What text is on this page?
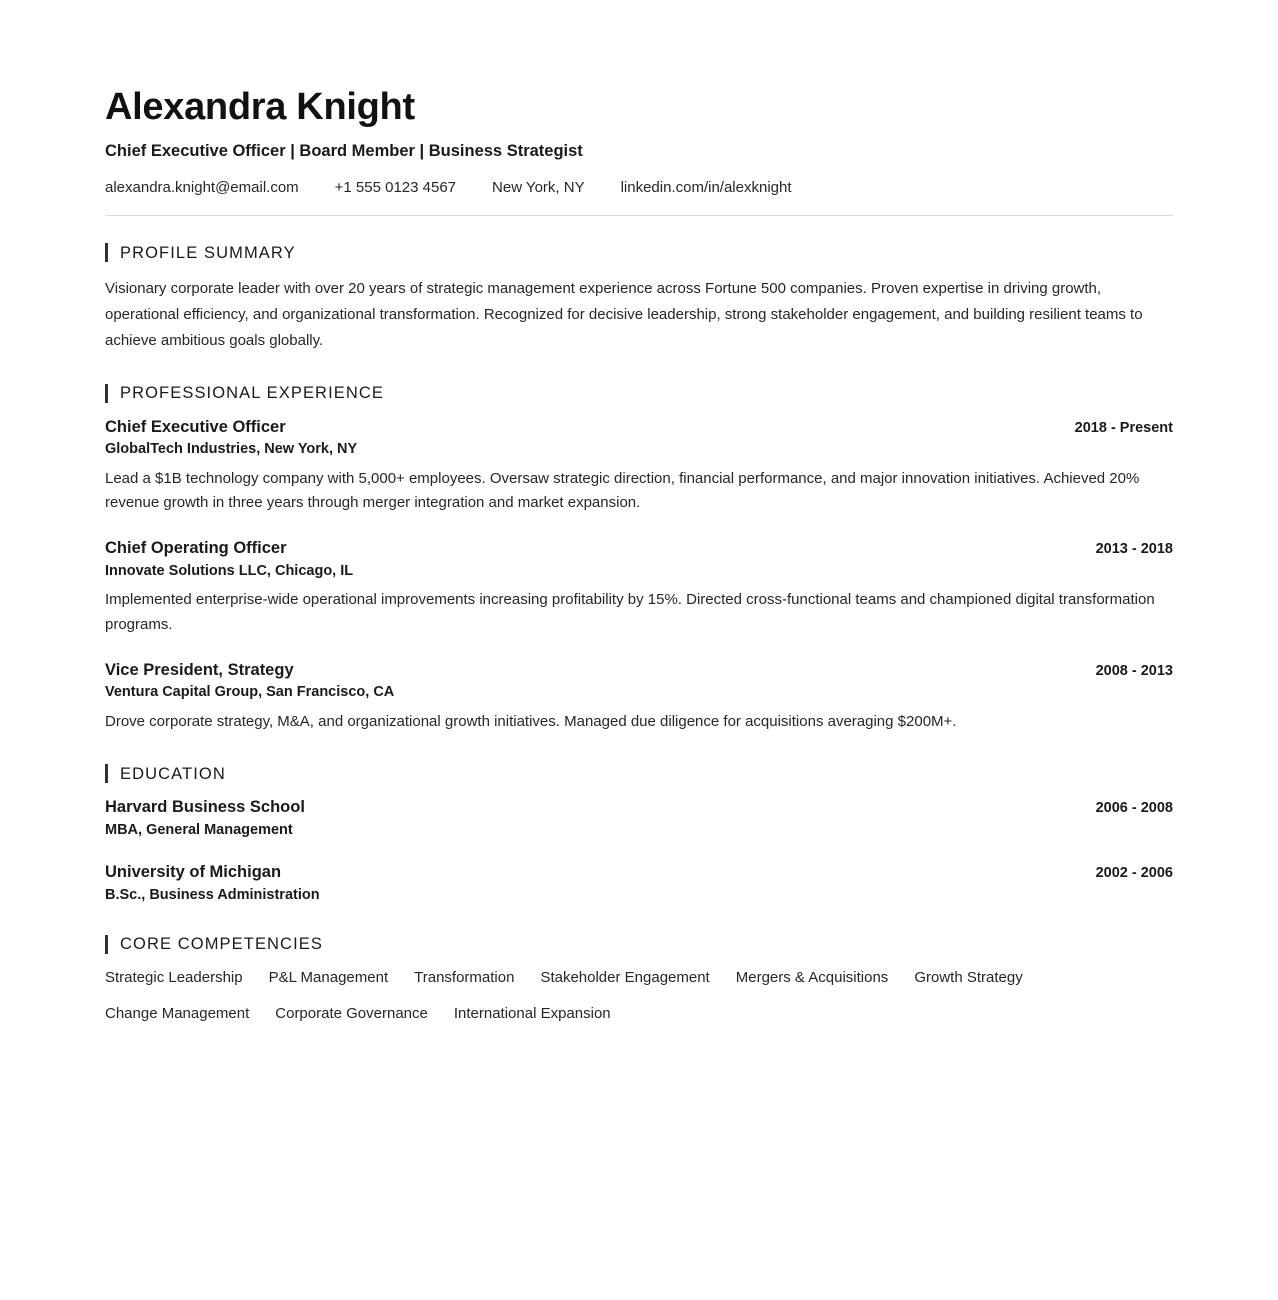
Alexandra Knight
Chief Executive Officer | Board Member | Business Strategist
alexandra.knight@email.com +1 555 0123 4567 New York, NY linkedin.com/in/alexknight
PROFILE SUMMARY

Visionary corporate leader with over 20 years of strategic management experience across Fortune 500 companies. Proven expertise in driving growth, operational efficiency, and organizational transformation. Recognized for decisive leadership, strong stakeholder engagement, and building resilient teams to achieve ambitious goals globally.

PROFESSIONAL EXPERIENCE
Chief Executive Officer	2018 - Present
GlobalTech Industries, New York, NY

Lead a $1B technology company with 5,000+ employees. Oversaw strategic direction, financial performance, and major innovation initiatives. Achieved 20% revenue growth in three years through merger integration and market expansion.

Chief Operating Officer	2013 - 2018
Innovate Solutions LLC, Chicago, IL

Implemented enterprise-wide operational improvements increasing profitability by 15%. Directed cross-functional teams and championed digital transformation programs.

Vice President, Strategy	2008 - 2013
Ventura Capital Group, San Francisco, CA

Drove corporate strategy, M&A, and organizational growth initiatives. Managed due diligence for acquisitions averaging $200M+.

EDUCATION
Harvard Business School	2006 - 2008
MBA, General Management
University of Michigan	2002 - 2006
B.Sc., Business Administration
CORE COMPETENCIES
Strategic Leadership P&L Management Transformation Stakeholder Engagement Mergers & Acquisitions Growth Strategy
Change Management Corporate Governance International Expansion
